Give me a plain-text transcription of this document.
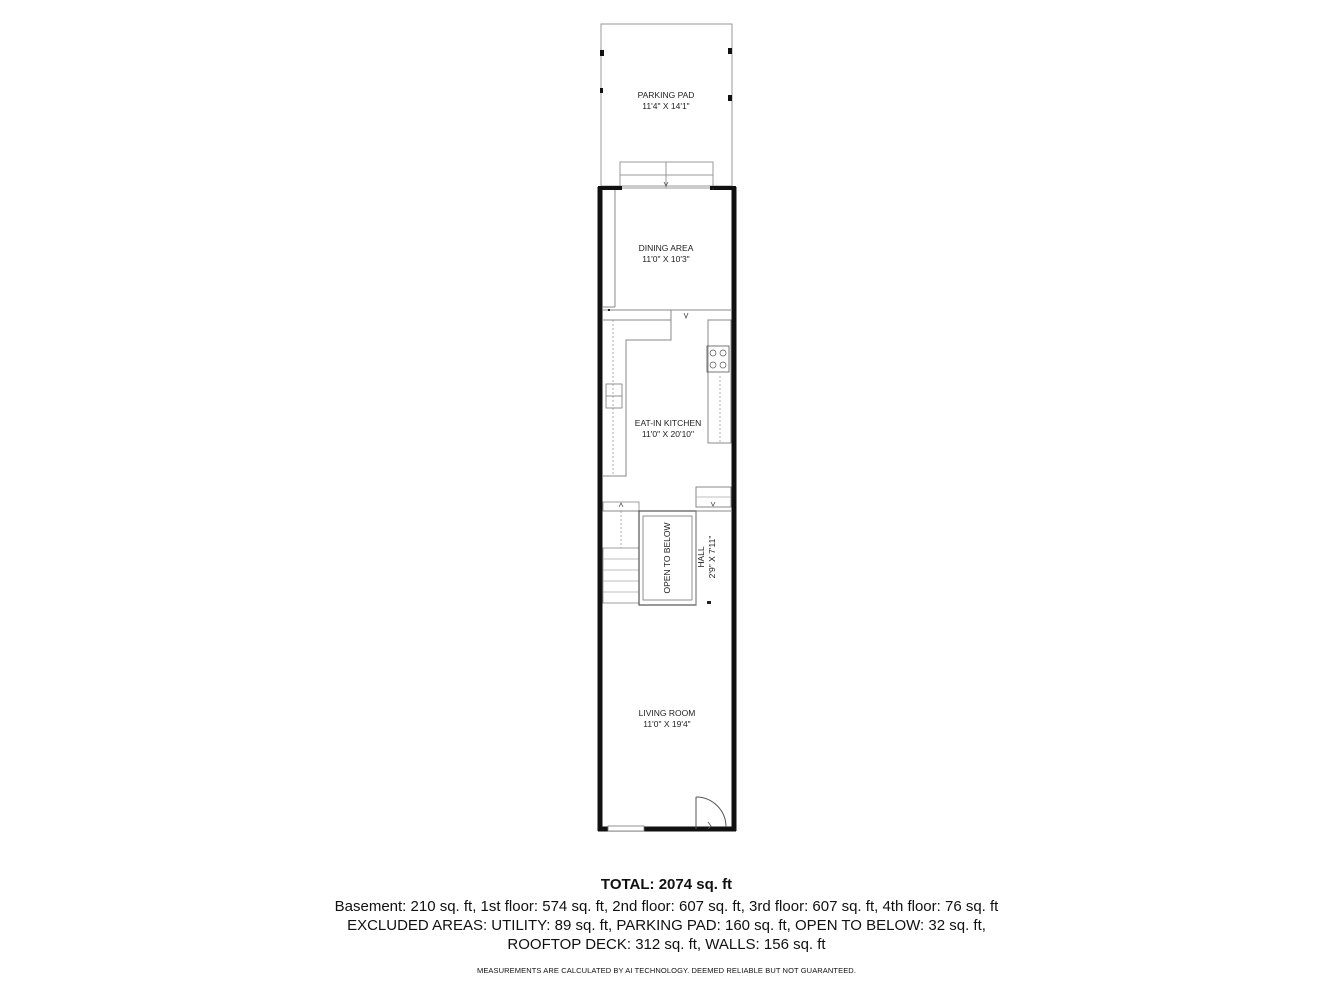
PARKING PAD
11'4" X 14'1"
DINING AREA
11'0" X 10'3"
EAT-IN KITCHEN
11'0" X 20'10"
OPEN TO BELOW	HALL 2'9" X 7'11"
LIVING ROOM
11'0" X 19'4"
TOTAL: 2074 sq. ft
Basement: 210 sq. ft, 1st floor: 574 sq. ft, 2nd floor: 607 sq. ft, 3rd floor: 607 sq. ft, 4th floor: 76 sq. ft
EXCLUDED AREAS: UTILITY: 89 sq. ft, PARKING PAD: 160 sq. ft, OPEN TO BELOW: 32 sq. ft,
ROOFTOP DECK: 312 sq. ft, WALLS: 156 sq. ft
MEASUREMENTS ARE CALCULATED BY AI TECHNOLOGY. DEEMED RELIABLE BUT NOT GUARANTEED.
